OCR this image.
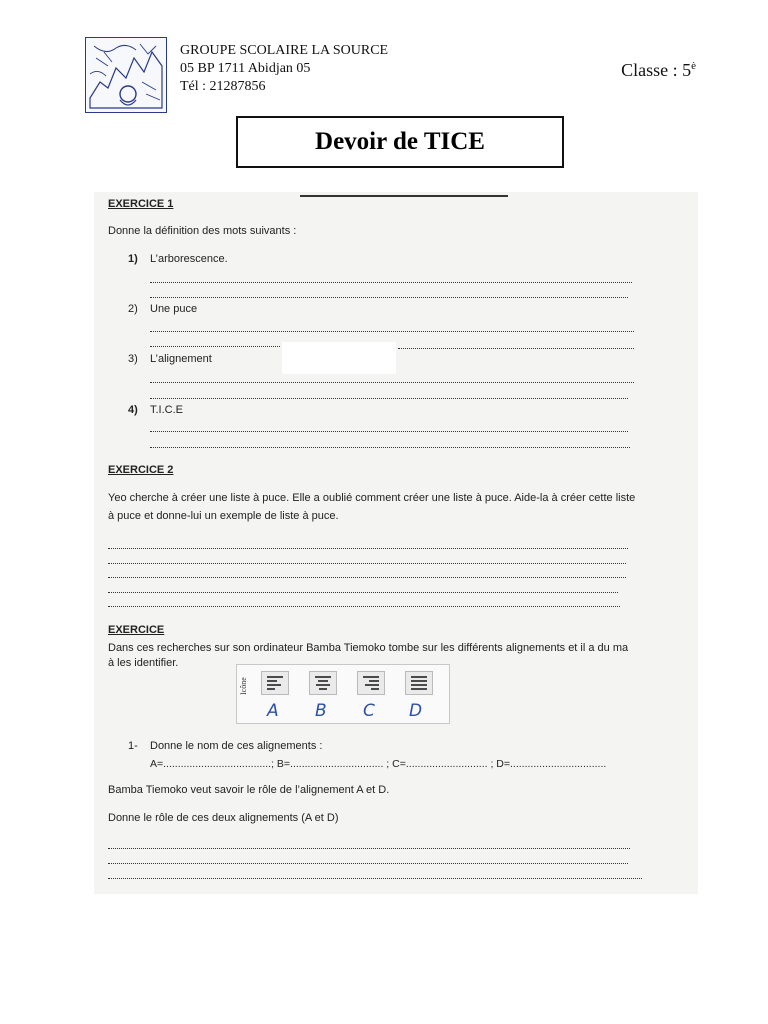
GROUPE SCOLAIRE LA SOURCE
05 BP 1711 Abidjan 05
Tél : 21287856
Classe : $5^è$
Devoir de TICE
EXERCICE 1
Donne la définition des mots suivants :
1) L’arborescence.
2) Une puce
3) L’alignement
4) T.I.C.E
EXERCICE 2
Yeo cherche à créer une liste à puce. Elle a oublié comment créer une liste à puce. Aide-la à créer cette liste
à puce et donne-lui un exemple de liste à puce.
EXERCICE
Dans ces recherches sur son ordinateur Bamba Tiemoko tombe sur les différents alignements et il a du ma
à les identifier.
Icône
A B C D
1- Donne le nom de ces alignements :
A=.....................................; B=................................ ; C=............................ ; D=.................................
Bamba Tiemoko veut savoir le rôle de l’alignement A et D.
Donne le rôle de ces deux alignements (A et D)
